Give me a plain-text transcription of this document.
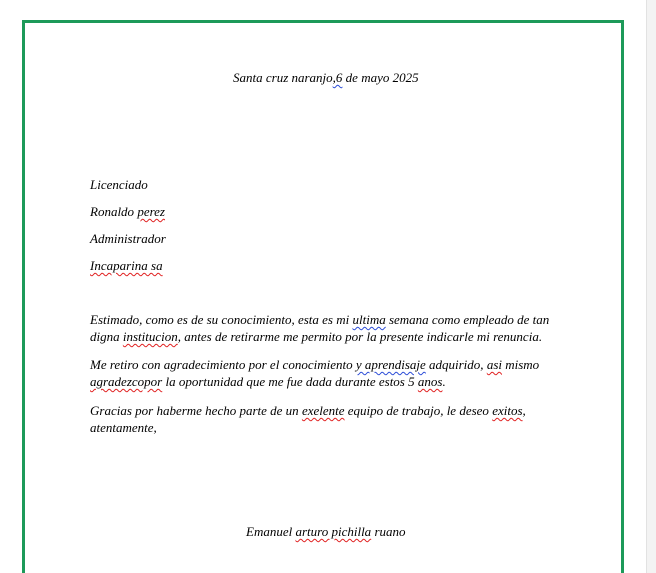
Santa cruz naranjo,6 de mayo 2025
Licenciado
Ronaldo perez
Administrador
Incaparina sa
Estimado, como es de su conocimiento, esta es mi ultima semana como empleado de tan
digna institucion, antes de retirarme me permito por la presente indicarle mi renuncia.
Me retiro con agradecimiento por el conocimiento y aprendisaje adquirido, asi mismo
agradezcopor la oportunidad que me fue dada durante estos 5 anos.
Gracias por haberme hecho parte de un exelente equipo de trabajo, le deseo exitos,
atentamente,
Emanuel arturo pichilla ruano
